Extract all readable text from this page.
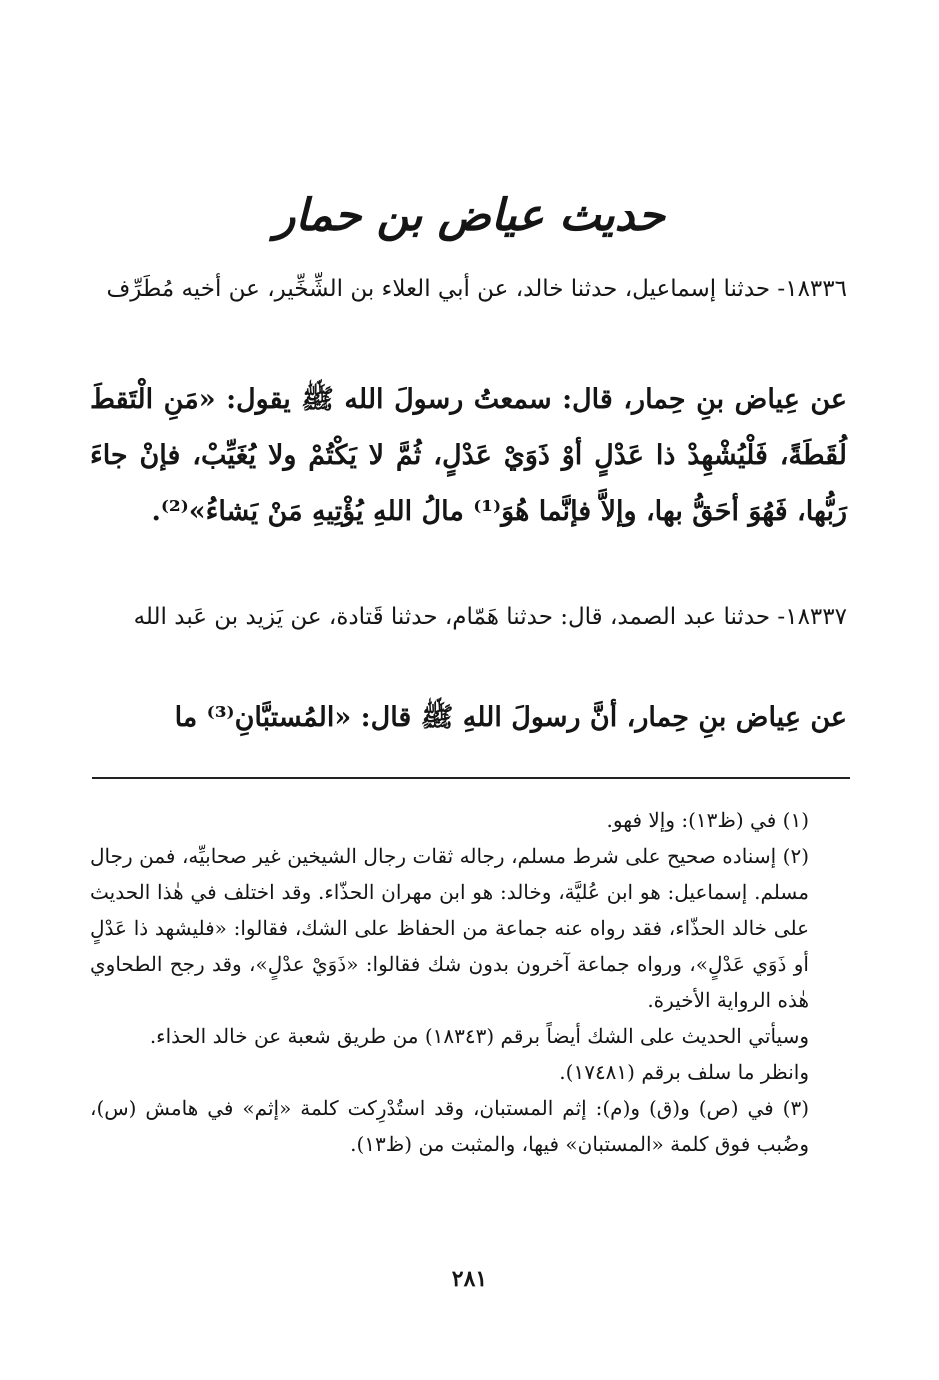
حديث عياض بن حمار
١٨٣٣٦- حدثنا إسماعيل، حدثنا خالد، عن أبي العلاء بن الشِّخِّير، عن أخيه مُطَرِّف
عن عِياض بنِ حِمار، قال: سمعتُ رسولَ الله ﷺ يقول: «مَنِ الْتَقطَ لُقَطَةً، فَلْيُشْهِدْ ذا عَدْلٍ أوْ ذَوَيْ عَدْلٍ، ثُمَّ لا يَكْتُمْ ولا يُغَيِّبْ، فإنْ جاءَ رَبُّها، فَهُوَ أحَقُّ بها، وإلاَّ فإنَّما هُوَ⁽¹⁾ مالُ اللهِ يُؤْتِيهِ مَنْ يَشاءُ»⁽²⁾.
١٨٣٣٧- حدثنا عبد الصمد، قال: حدثنا هَمّام، حدثنا قَتادة، عن يَزيد بن عَبد الله
عن عِياض بنِ حِمار، أنَّ رسولَ اللهِ ﷺ قال: «المُستبَّانِ⁽³⁾ ما

(١) في (ظ١٣): وإلا فهو.

(٢) إسناده صحيح على شرط مسلم، رجاله ثقات رجال الشيخين غير صحابيِّه، فمن رجال مسلم. إسماعيل: هو ابن عُليَّة، وخالد: هو ابن مهران الحذّاء. وقد اختلف في هٰذا الحديث على خالد الحذّاء، فقد رواه عنه جماعة من الحفاظ على الشك، فقالوا: «فليشهد ذا عَدْلٍ أو ذَوَي عَدْلٍ»، ورواه جماعة آخرون بدون شك فقالوا: «ذَوَيْ عدْلٍ»، وقد رجح الطحاوي هٰذه الرواية الأخيرة.

وسيأتي الحديث على الشك أيضاً برقم (١٨٣٤٣) من طريق شعبة عن خالد الحذاء.

وانظر ما سلف برقم (١٧٤٨١).

(٣) في (ص) و(ق) و(م): إثم المستبان، وقد استُدْرِكت كلمة «إثم» في هامش (س)، وضُبب فوق كلمة «المستبان» فيها، والمثبت من (ظ١٣).

٢٨١
